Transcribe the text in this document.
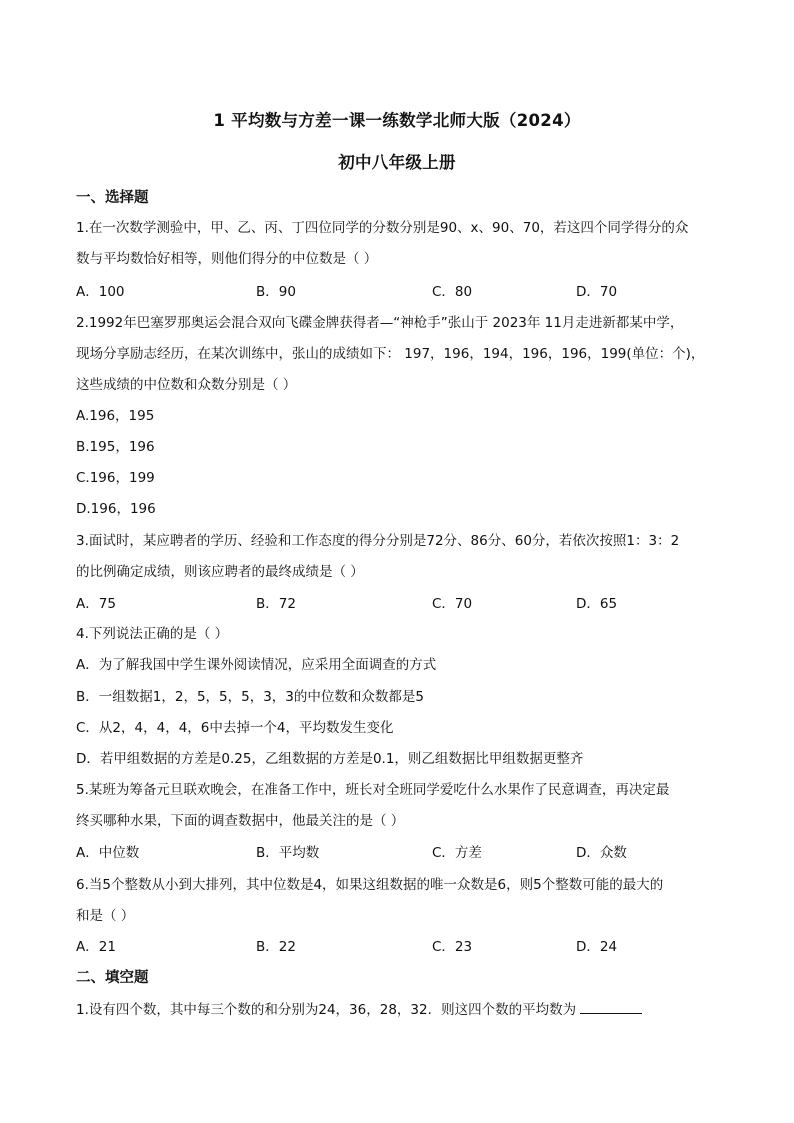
1 平均数与方差一课一练数学北师大版（2024）
初中八年级上册
一、选择题
1.在一次数学测验中，甲、乙、丙、丁四位同学的分数分别是90、x、90、70，若这四个同学得分的众
数与平均数恰好相等，则他们得分的中位数是（ ）
A．100	B．90	C．80	D．70
2.1992年巴塞罗那奥运会混合双向飞碟金牌获得者—“神枪手”张山于 2023年 11月走进新都某中学，
现场分享励志经历，在某次训练中，张山的成绩如下： 197，196，194，196，196，199(单位：个)，
这些成绩的中位数和众数分别是（ ）
A.196，195
B.195，196
C.196，199
D.196，196
3.面试时，某应聘者的学历、经验和工作态度的得分分别是72分、86分、60分，若依次按照1：3：2
的比例确定成绩，则该应聘者的最终成绩是（ ）
A．75	B．72	C．70	D．65
4.下列说法正确的是（ ）
A．为了解我国中学生课外阅读情况，应采用全面调查的方式
B．一组数据1，2，5，5，5，3，3的中位数和众数都是5
C．从2，4，4，4，6中去掉一个4，平均数发生变化
D．若甲组数据的方差是0.25，乙组数据的方差是0.1，则乙组数据比甲组数据更整齐
5.某班为筹备元旦联欢晚会，在准备工作中，班长对全班同学爱吃什么水果作了民意调查，再决定最
终买哪种水果，下面的调查数据中，他最关注的是（ ）
A．中位数	B．平均数	C．方差	D．众数
6.当5个整数从小到大排列，其中位数是4，如果这组数据的唯一众数是6，则5个整数可能的最大的
和是（ ）
A．21	B．22	C．23	D．24
二、填空题
1.设有四个数，其中每三个数的和分别为24，36，28，32．则这四个数的平均数为
